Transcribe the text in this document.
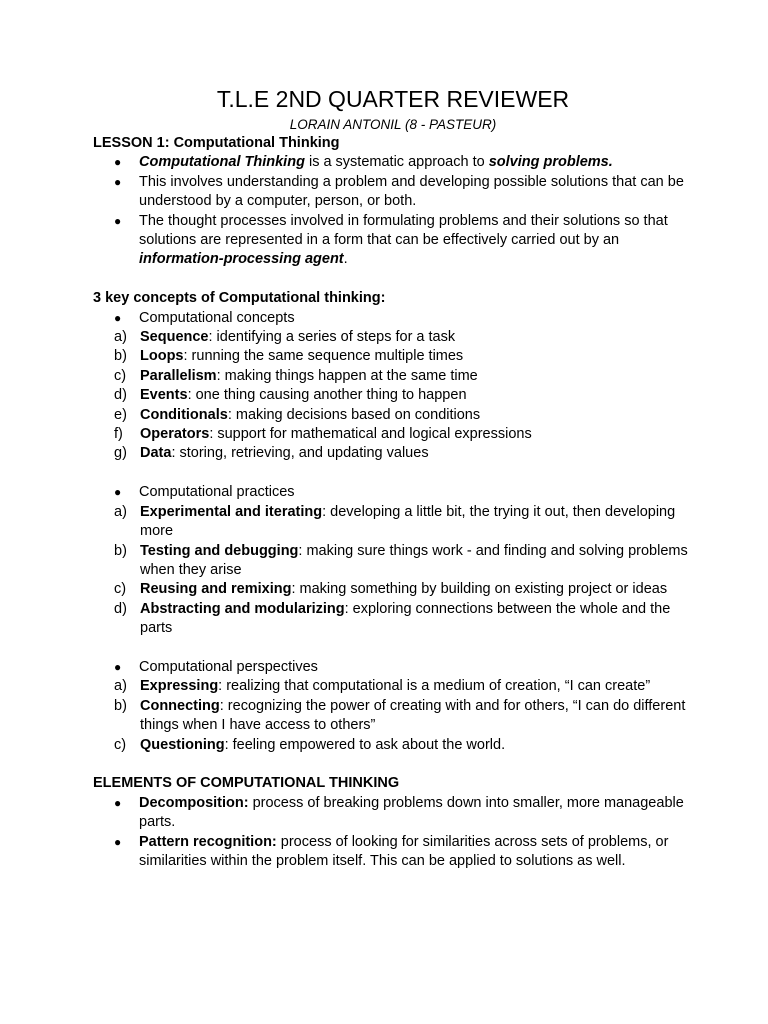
T.L.E 2ND QUARTER REVIEWER
LORAIN ANTONIL (8 - PASTEUR)
LESSON 1: Computational Thinking
● Computational Thinking is a systematic approach to solving problems.
● This involves understanding a problem and developing possible solutions that can be understood by a computer, person, or both.
● The thought processes involved in formulating problems and their solutions so that solutions are represented in a form that can be effectively carried out by an information-processing agent.
3 key concepts of Computational thinking:
● Computational concepts
a) Sequence: identifying a series of steps for a task
b) Loops: running the same sequence multiple times
c) Parallelism: making things happen at the same time
d) Events: one thing causing another thing to happen
e) Conditionals: making decisions based on conditions
f) Operators: support for mathematical and logical expressions
g) Data: storing, retrieving, and updating values
● Computational practices
a) Experimental and iterating: developing a little bit, the trying it out, then developing more
b) Testing and debugging: making sure things work - and finding and solving problems when they arise
c) Reusing and remixing: making something by building on existing project or ideas
d) Abstracting and modularizing: exploring connections between the whole and the parts
● Computational perspectives
a) Expressing: realizing that computational is a medium of creation, “I can create”
b) Connecting: recognizing the power of creating with and for others, “I can do different things when I have access to others”
c) Questioning: feeling empowered to ask about the world.
ELEMENTS OF COMPUTATIONAL THINKING
● Decomposition: process of breaking problems down into smaller, more manageable parts.
● Pattern recognition: process of looking for similarities across sets of problems, or similarities within the problem itself. This can be applied to solutions as well.
